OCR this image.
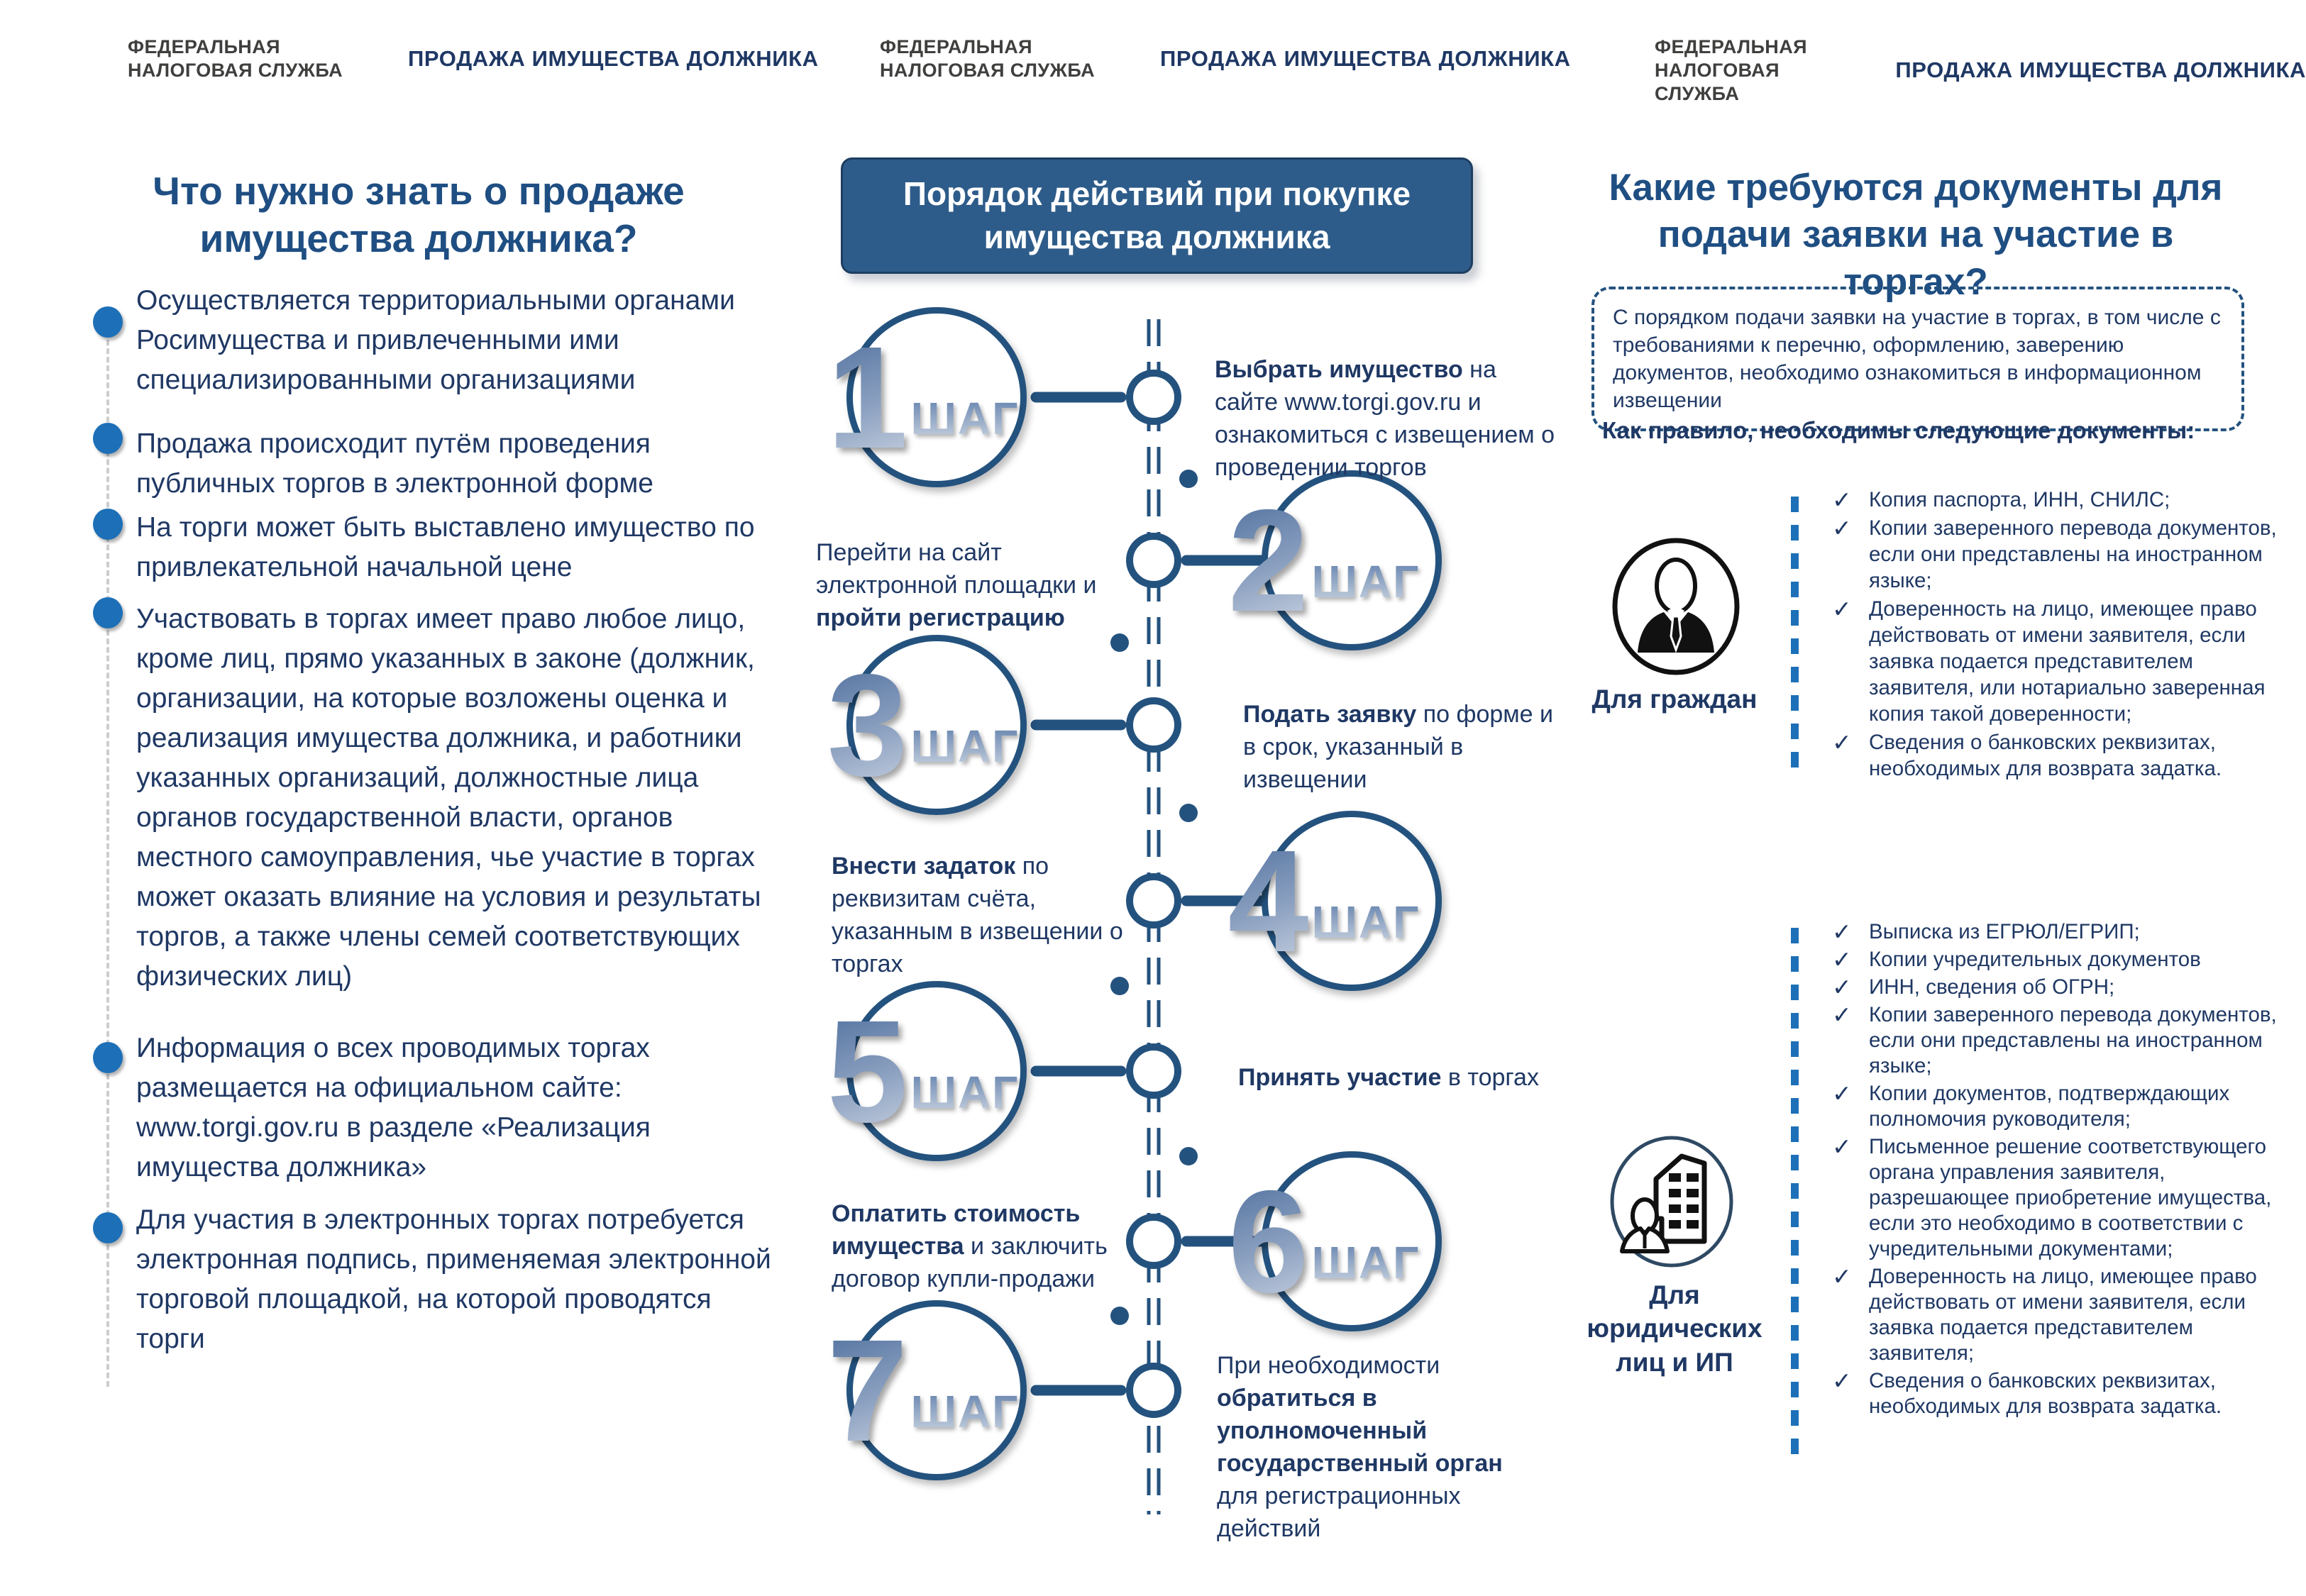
ФЕДЕРАЛЬНАЯ
НАЛОГОВАЯ СЛУЖБА	ПРОДАЖА ИМУЩЕСТВА ДОЛЖНИКА	ФЕДЕРАЛЬНАЯ
НАЛОГОВАЯ СЛУЖБА	ПРОДАЖА ИМУЩЕСТВА ДОЛЖНИКА	ФЕДЕРАЛЬНАЯ
НАЛОГОВАЯ СЛУЖБА
ПРОДАЖА ИМУЩЕСТВА ДОЛЖНИКА
Что нужно знать о продаже имущества должника?
Осуществляется территориальными органами Росимущества и привлеченными ими специализированными организациями
Продажа происходит путём проведения публичных торгов в электронной форме
На торги может быть выставлено имущество по привлекательной начальной цене
Участвовать в торгах имеет право любое лицо, кроме лиц, прямо указанных в законе (должник, организации, на которые возложены оценка и реализация имущества должника, и работники указанных организаций, должностные лица органов государственной власти, органов местного самоуправления, чье участие в торгах может оказать влияние на условия и результаты торгов, а также члены семей соответствующих физических лиц)
Информация о всех проводимых торгах размещается на официальном сайте: www.torgi.gov.ru в разделе «Реализация имущества должника»
Для участия в электронных торгах потребуется электронная подпись, применяемая электронной торговой площадкой, на которой проводятся торги
Порядок действий при покупке имущества должника
1 ШАГ
2 ШАГ
3 ШАГ
4 ШАГ
5 ШАГ
6 ШАГ
7 ШАГ
Выбрать имущество на сайте www.torgi.gov.ru и ознакомиться с извещением о проведении торгов
Перейти на сайт электронной площадки и пройти регистрацию
Подать заявку по форме и в срок, указанный в извещении
Внести задаток по реквизитам счёта, указанным в извещении о торгах
Принять участие в торгах
Оплатить стоимость имущества и заключить договор купли-продажи
При необходимости обратиться в уполномоченный государственный орган для регистрационных действий
Какие требуются документы для подачи заявки на участие в торгах?
С порядком подачи заявки на участие в торгах, в том числе с требованиями к перечню, оформлению, заверению документов, необходимо ознакомиться в информационном извещении
Как правило, необходимы следующие документы:
Для граждан
✓ Копия паспорта, ИНН, СНИЛС;
✓ Копии заверенного перевода документов, если они представлены на иностранном языке;
✓ Доверенность на лицо, имеющее право действовать от имени заявителя, если заявка подается представителем заявителя, или нотариально заверенная копия такой доверенности;
✓ Сведения о банковских реквизитах, необходимых для возврата задатка.
Для юридических лиц и ИП
✓ Выписка из ЕГРЮЛ/ЕГРИП;
✓ Копии учредительных документов
✓ ИНН, сведения об ОГРН;
✓ Копии заверенного перевода документов, если они представлены на иностранном языке;
✓ Копии документов, подтверждающих полномочия руководителя;
✓ Письменное решение соответствующего органа управления заявителя, разрешающее приобретение имущества, если это необходимо в соответствии с учредительными документами;
✓ Доверенность на лицо, имеющее право действовать от имени заявителя, если заявка подается представителем заявителя;
✓ Сведения о банковских реквизитах, необходимых для возврата задатка.
